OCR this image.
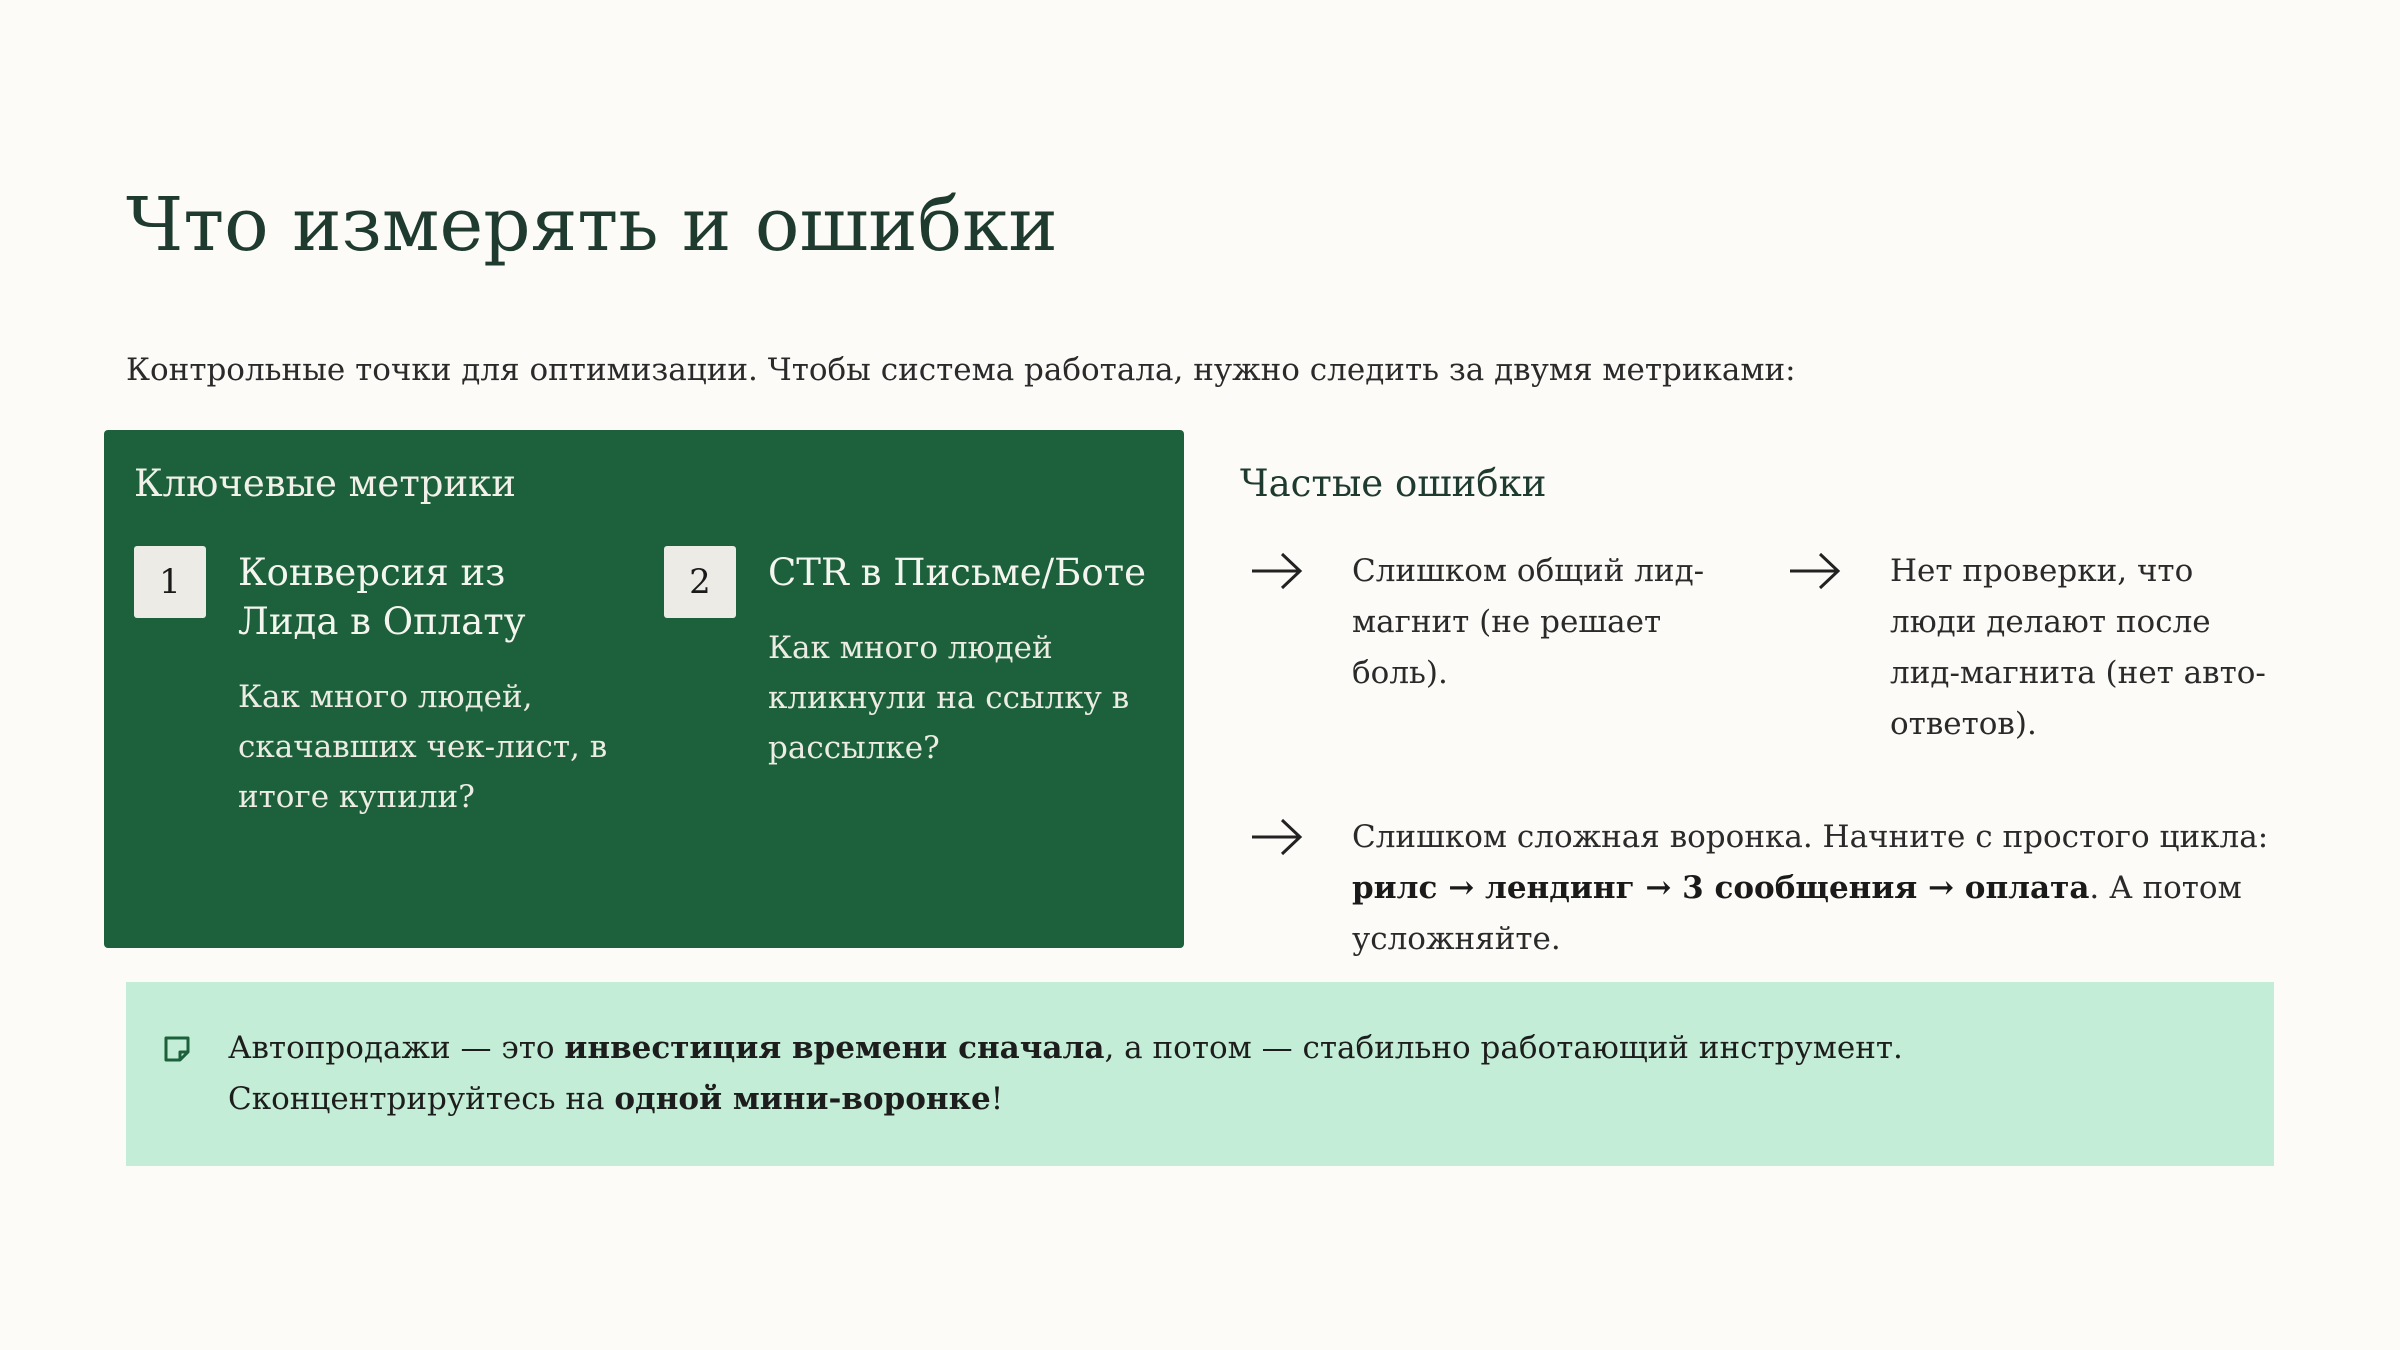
Что измерять и ошибки

Контрольные точки для оптимизации. Чтобы система работала, нужно следить за двумя метриками:

Ключевые метрики
1	Конверсия из Лида в Оплату
Как много людей, скачавших чек-лист, в итоге купили?
2	CTR в Письме/Боте
Как много людей кликнули на ссылку в рассылке?
Частые ошибки
Слишком общий лид-магнит (не решает боль).
Нет проверки, что люди делают после лид-магнита (нет авто-ответов).
Слишком сложная воронка. Начните с простого цикла: рилс → лендинг → 3 сообщения → оплата. А потом усложняйте.
Автопродажи — это инвестиция времени сначала, а потом — стабильно работающий инструмент. Сконцентрируйтесь на одной мини-воронке!
